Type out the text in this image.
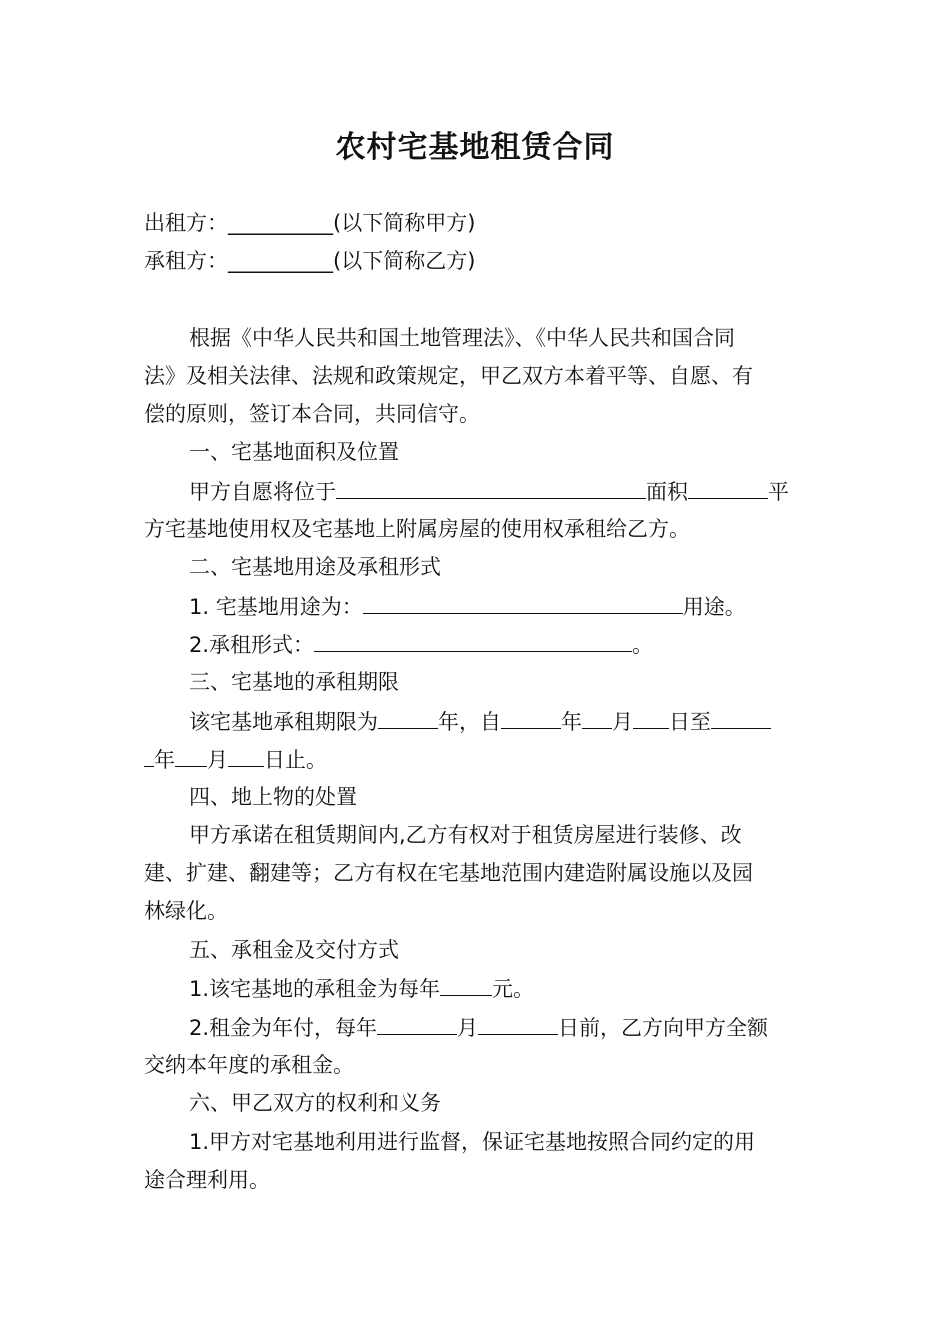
农村宅基地租赁合同
出租方：__________(以下简称甲方)
承租方：__________(以下简称乙方)
根据《中华人民共和国土地管理法》、《中华人民共和国合同
法》及相关法律、法规和政策规定，甲乙双方本着平等、自愿、有
偿的原则，签订本合同，共同信守。
一、宅基地面积及位置
甲方自愿将位于	面积	平
方宅基地使用权及宅基地上附属房屋的使用权承租给乙方。
二、宅基地用途及承租形式
1. 宅基地用途为：	用途。
2.承租形式：	。
三、宅基地的承租期限
该宅基地承租期限为	年，自	年 月 日至
年 月 日止。
四、地上物的处置
甲方承诺在租赁期间内,乙方有权对于租赁房屋进行装修、改
建、扩建、翻建等；乙方有权在宅基地范围内建造附属设施以及园
林绿化。
五、承租金及交付方式
1.该宅基地的承租金为每年 元。
2.租金为年付，每年	月	日前，乙方向甲方全额
交纳本年度的承租金。
六、甲乙双方的权利和义务
1.甲方对宅基地利用进行监督，保证宅基地按照合同约定的用
途合理利用。
